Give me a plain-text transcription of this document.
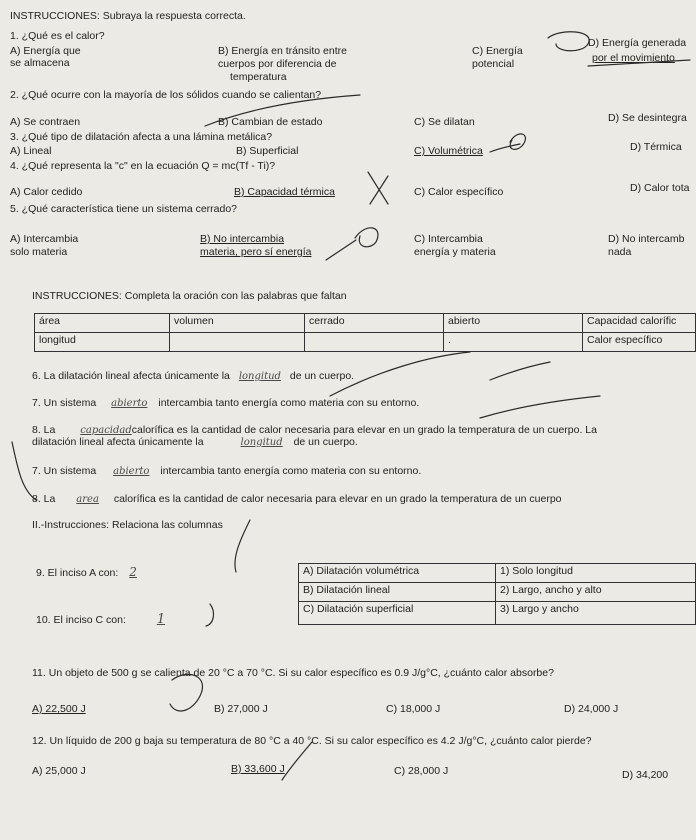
INSTRUCCIONES: Subraya la respuesta correcta.
1. ¿Qué es el calor?
A) Energía que
se almacena
B) Energía en tránsito entre
cuerpos por diferencia de
temperatura
C) Energía
potencial
D) Energía generada
por el movimiento
2. ¿Qué ocurre con la mayoría de los sólidos cuando se calientan?
A) Se contraen	B) Cambian de estado	C) Se dilatan	D) Se desintegra
3. ¿Qué tipo de dilatación afecta a una lámina metálica?
A) Lineal	B) Superficial	C) Volumétrica	D) Térmica
4. ¿Qué representa la "c" en la ecuación Q = mc(Tf - Ti)?
A) Calor cedido	B) Capacidad térmica	C) Calor específico	D) Calor tota
5. ¿Qué característica tiene un sistema cerrado?
A) Intercambia
solo materia
B) No intercambia
materia, pero sí energía
C) Intercambia
energía y materia
D) No intercamb
nada
INSTRUCCIONES: Completa la oración con las palabras que faltan
área	volumen	cerrado	abierto	Capacidad calorífic
longitud			.	Calor específico
6. La dilatación lineal afecta únicamente la longitud de un cuerpo.
7. Un sistema abierto intercambia tanto energía como materia con su entorno.
8. La capacidadcalorífica es la cantidad de calor necesaria para elevar en un grado la temperatura de un cuerpo. La
dilatación lineal afecta únicamente la	longitud de un cuerpo.
7. Un sistema abierto intercambia tanto energía como materia con su entorno.
8. La area calorífica es la cantidad de calor necesaria para elevar en un grado la temperatura de un cuerpo
II.-Instrucciones: Relaciona las columnas
9. El inciso A con: 2
10. El inciso C con: 1
A) Dilatación volumétrica	1) Solo longitud
B) Dilatación lineal	2) Largo, ancho y alto
C) Dilatación superficial	3) Largo y ancho
11. Un objeto de 500 g se calienta de 20 °C a 70 °C. Si su calor específico es 0.9 J/g°C, ¿cuánto calor absorbe?
A) 22,500 J	B) 27,000 J	C) 18,000 J	D) 24,000 J
12. Un líquido de 200 g baja su temperatura de 80 °C a 40 °C. Si su calor específico es 4.2 J/g°C, ¿cuánto calor pierde?
A) 25,000 J	B) 33,600 J	C) 28,000 J	D) 34,200
